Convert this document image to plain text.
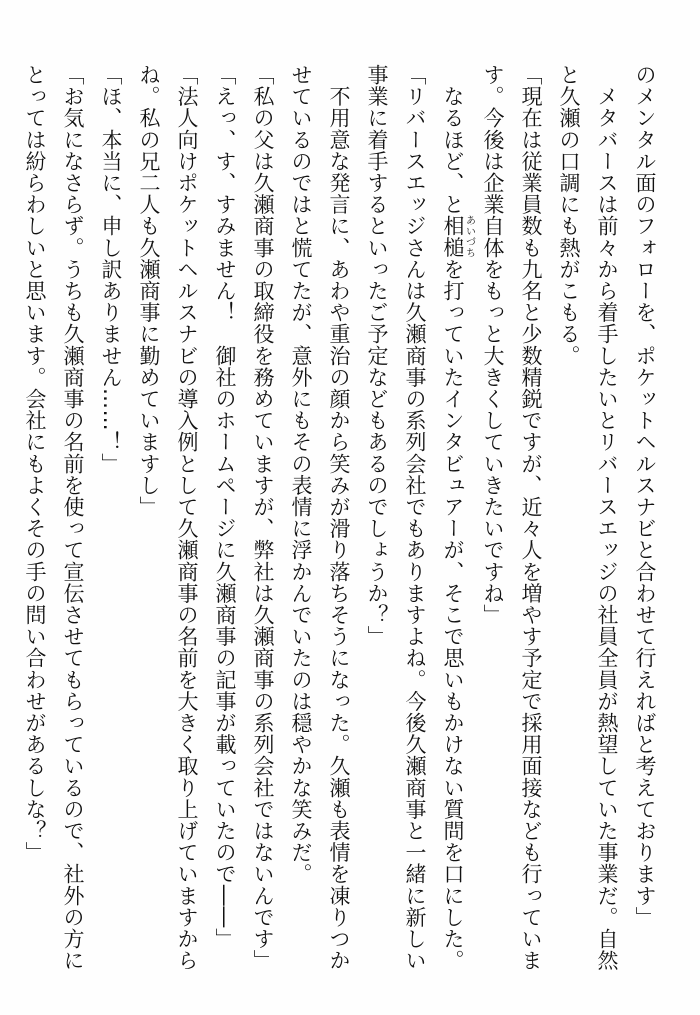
のメンタル面のフォローを、ポケットヘルスナビと合わせて行えればと考えております」
　メタバースは前々から着手したいとリバースエッジの社員全員が熱望していた事業だ。自然
と久瀬の口調にも熱がこもる。
「現在は従業員数も九名と少数精鋭ですが、近々人を増やす予定で採用面接なども行っていま
す。今後は企業自体をもっと大きくしていきたいですね」
　なるほど、と相槌あいづちを打っていたインタビュアーが、そこで思いもかけない質問を口にした。
「リバースエッジさんは久瀬商事の系列会社でもありますよね。今後久瀬商事と一緒に新しい
事業に着手するといったご予定などもあるのでしょうか？」
　不用意な発言に、あわや重治の顔から笑みが滑り落ちそうになった。久瀬も表情を凍りつか
せているのではと慌てたが、意外にもその表情に浮かんでいたのは穏やかな笑みだ。
「私の父は久瀬商事の取締役を務めていますが、弊社は久瀬商事の系列会社ではないんです」
「えっ、す、すみません！　御社のホームページに久瀬商事の記事が載っていたので――」
「法人向けポケットヘルスナビの導入例として久瀬商事の名前を大きく取り上げていますから
ね。私の兄二人も久瀬商事に勤めていますし」
「ほ、本当に、申し訳ありません……！」
「お気になさらず。うちも久瀬商事の名前を使って宣伝させてもらっているので、社外の方に
とっては紛らわしいと思います。会社にもよくその手の問い合わせがあるしな？」
